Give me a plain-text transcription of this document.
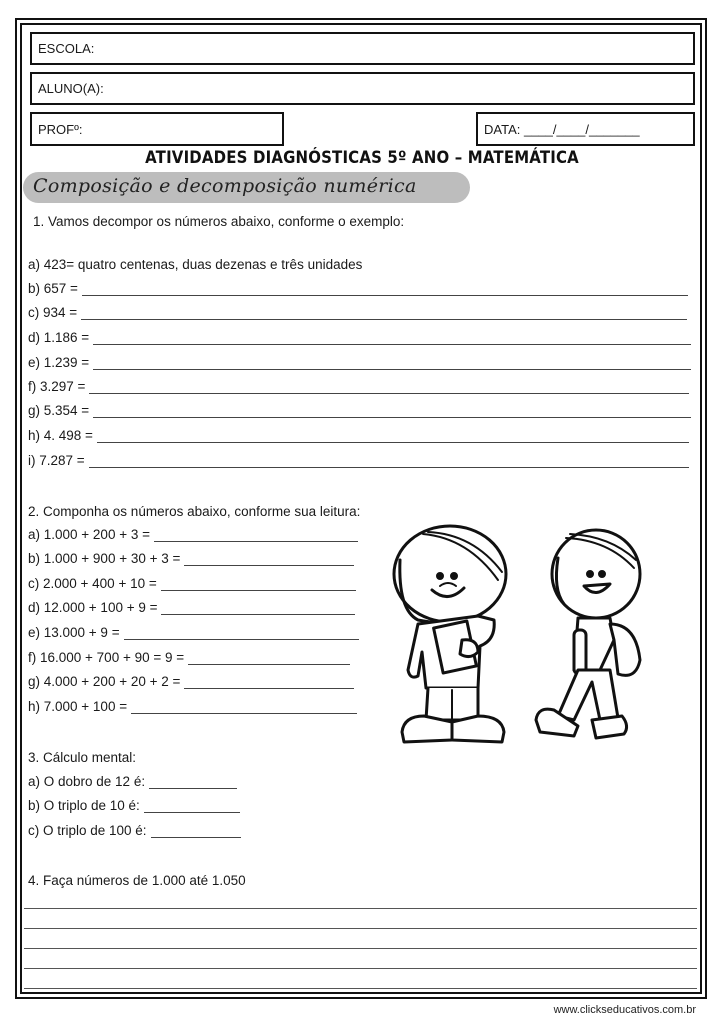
ESCOLA:
ALUNO(A):
PROFº:	DATA: ____/____/_______
ATIVIDADES DIAGNÓSTICAS 5º ANO – MATEMÁTICA
Composição e decomposição numérica
1. Vamos decompor os números abaixo, conforme o exemplo:
a) 423= quatro centenas, duas dezenas e três unidades
b) 657 =
c) 934 =
d) 1.186 =
e) 1.239 =
f) 3.297 =
g) 5.354 =
h) 4. 498 =
i) 7.287 =
2. Componha os números abaixo, conforme sua leitura:
a) 1.000 + 200 + 3 =
b) 1.000 + 900 + 30 + 3 =
c) 2.000 + 400 + 10 =
d) 12.000 + 100 + 9 =
e) 13.000 + 9 =
f) 16.000 + 700 + 90 = 9 =
g) 4.000 + 200 + 20 + 2 =
h) 7.000 + 100 =
3. Cálculo mental:
a) O dobro de 12 é:
b) O triplo de 10 é:
c) O triplo de 100 é:
4. Faça números de 1.000 até 1.050
www.clickseducativos.com.br
